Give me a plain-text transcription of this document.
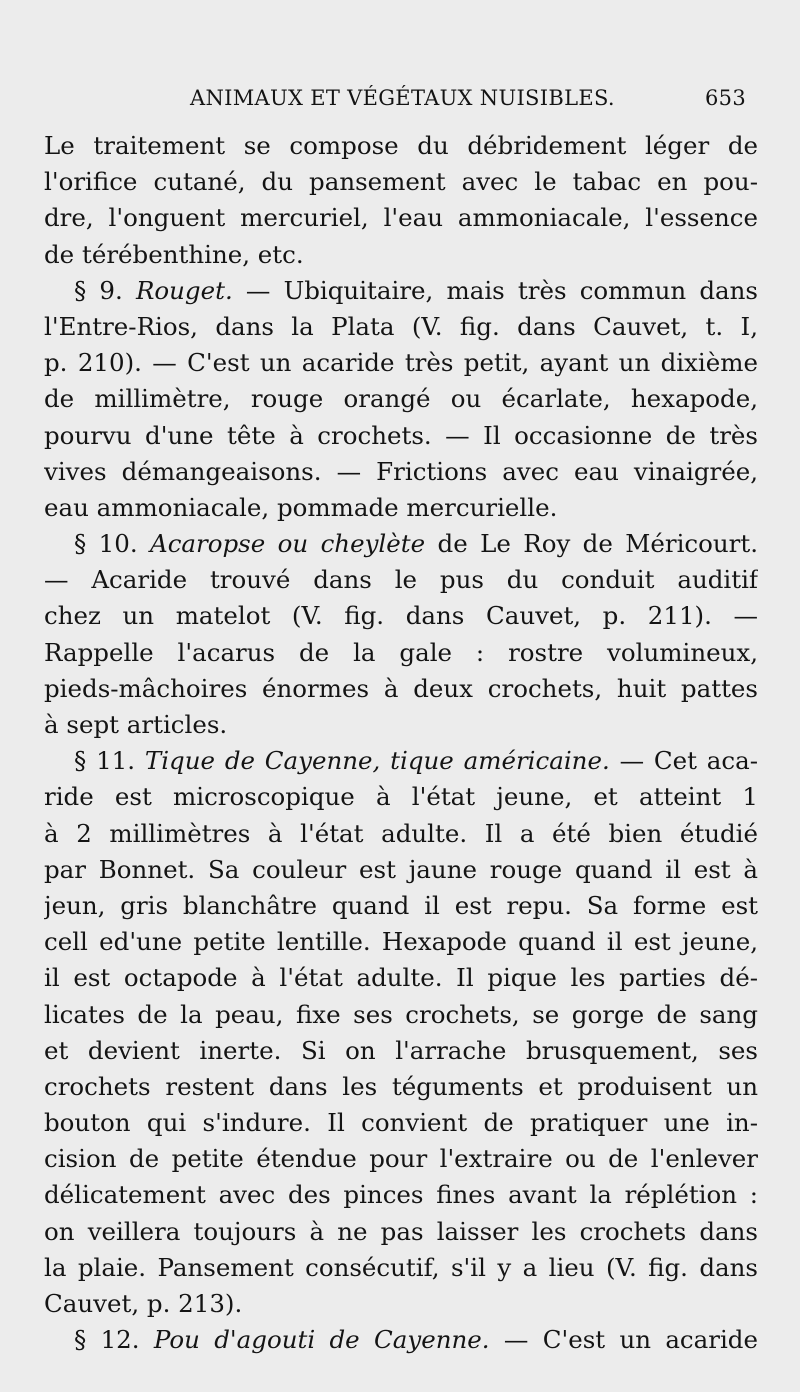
ANIMAUX ET VÉGÉTAUX NUISIBLES.	653
Le traitement se compose du débridement léger de
l'orifice cutané, du pansement avec le tabac en pou-
dre, l'onguent mercuriel, l'eau ammoniacale, l'essence
de térébenthine, etc.
§ 9. Rouget. — Ubiquitaire, mais très commun dans
l'Entre-Rios, dans la Plata (V. fig. dans Cauvet, t. I,
p. 210). — C'est un acaride très petit, ayant un dixième
de millimètre, rouge orangé ou écarlate, hexapode,
pourvu d'une tête à crochets. — Il occasionne de très
vives démangeaisons. — Frictions avec eau vinaigrée,
eau ammoniacale, pommade mercurielle.
§ 10. Acaropse ou cheylète de Le Roy de Méricourt.
— Acaride trouvé dans le pus du conduit auditif
chez un matelot (V. fig. dans Cauvet, p. 211). —
Rappelle l'acarus de la gale : rostre volumineux,
pieds-mâchoires énormes à deux crochets, huit pattes
à sept articles.
§ 11. Tique de Cayenne, tique américaine. — Cet aca-
ride est microscopique à l'état jeune, et atteint 1
à 2 millimètres à l'état adulte. Il a été bien étudié
par Bonnet. Sa couleur est jaune rouge quand il est à
jeun, gris blanchâtre quand il est repu. Sa forme est
cell ed'une petite lentille. Hexapode quand il est jeune,
il est octapode à l'état adulte. Il pique les parties dé-
licates de la peau, fixe ses crochets, se gorge de sang
et devient inerte. Si on l'arrache brusquement, ses
crochets restent dans les téguments et produisent un
bouton qui s'indure. Il convient de pratiquer une in-
cision de petite étendue pour l'extraire ou de l'enlever
délicatement avec des pinces fines avant la réplétion :
on veillera toujours à ne pas laisser les crochets dans
la plaie. Pansement consécutif, s'il y a lieu (V. fig. dans
Cauvet, p. 213).
§ 12. Pou d'agouti de Cayenne. — C'est un acaride
